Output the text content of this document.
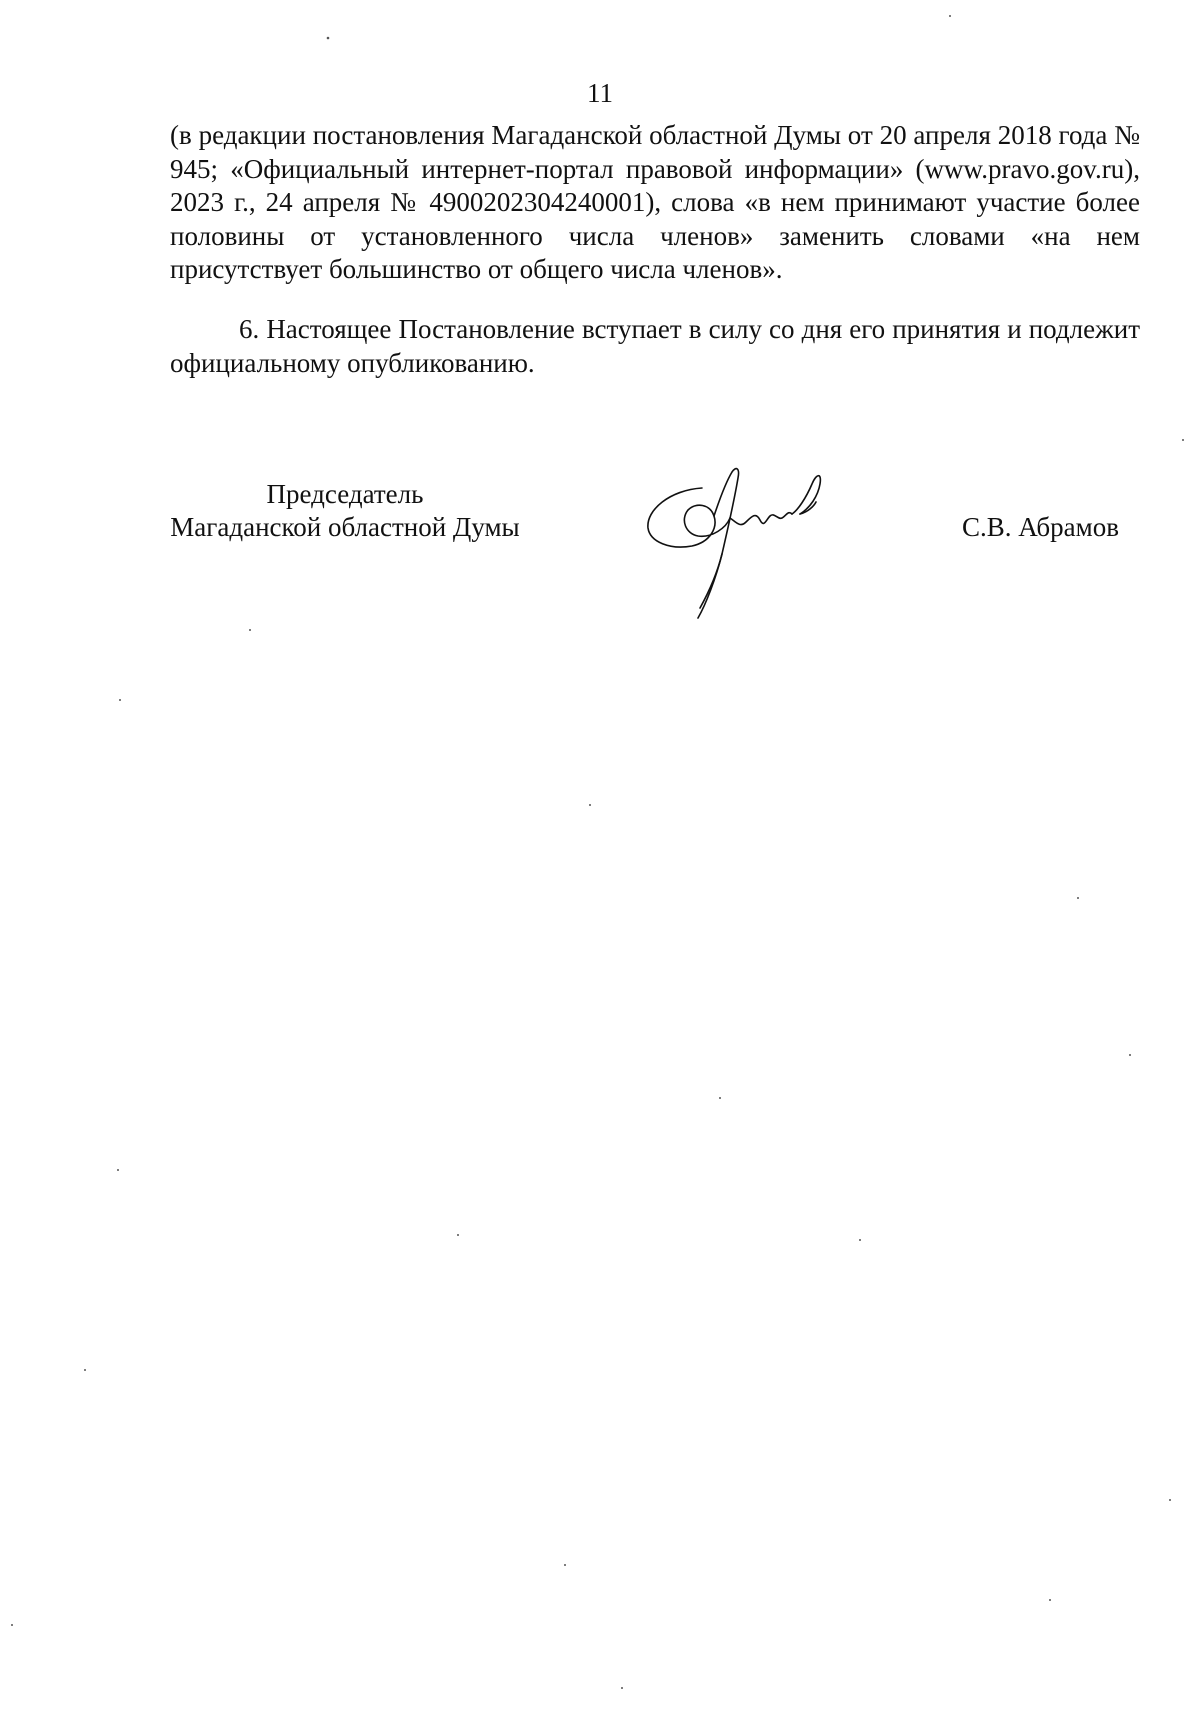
11

(в редакции постановления Магаданской областной Думы от 20 апреля 2018 года № 945; «Официальный интернет-портал правовой информации» (www.pravo.gov.ru), 2023 г., 24 апреля № 4900202304240001), слова «в нем принимают участие более половины от установленного числа членов» заменить словами «на нем присутствует большинство от общего числа членов».

6. Настоящее Постановление вступает в силу со дня его принятия и подлежит официальному опубликованию.

Председатель
Магаданской областной Думы	С.В. Абрамов
